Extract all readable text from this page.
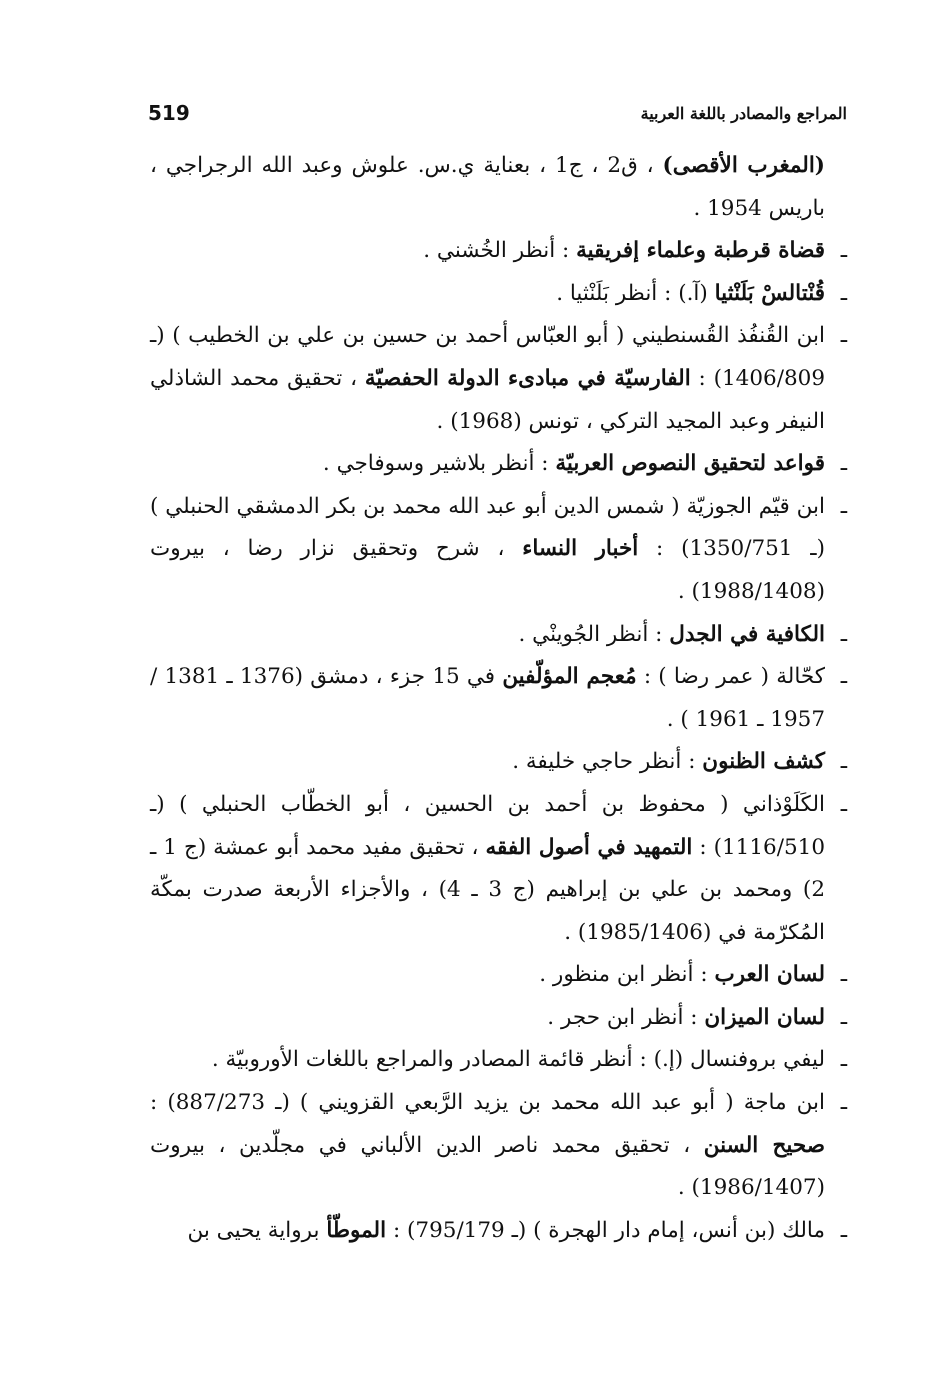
519	المراجع والمصادر باللغة العربية
(المغرب الأقصى) ، ق2 ، ج1 ، بعناية ي.س. علوش وعبد الله الرجراجي ، باريس 1954 .
ـ
قضاة قرطبة وعلماء إفريقية : أنظر الخُشني .
ـ
قُنْتالسْ بَلَنْثيا (آ.) : أنظر بَلَنْثيا .
ـ
ابن القُنفُذ القُسنطيني ( أبو العبّاس أحمد بن حسين بن علي بن الخطيب ) (ـ 1406/809) : الفارسيّة في مبادىء الدولة الحفصيّة ، تحقيق محمد الشاذلي النيفر وعبد المجيد التركي ، تونس (1968) .
ـ
قواعد لتحقيق النصوص العربيّة : أنظر بلاشير وسوفاجي .
ـ
ابن قيّم الجوزيّة ( شمس الدين أبو عبد الله محمد بن بكر الدمشقي الحنبلي ) (ـ 1350/751) : أخبار النساء ، شرح وتحقيق نزار رضا ، بيروت (1988/1408) .
ـ
الكافية في الجدل : أنظر الجُوينْي .
ـ
كحّالة ( عمر رضا ) : مُعجم المؤلّفين في 15 جزء ، دمشق (1376 ـ 1381 / 1957 ـ 1961 ) .
ـ
كشف الظنون : أنظر حاجي خليفة .
ـ
الكَلَوْذاني ( محفوظ بن أحمد بن الحسين ، أبو الخطّاب الحنبلي ) (ـ 1116/510) : التمهيد في أصول الفقه ، تحقيق مفيد محمد أبو عمشة (ج 1 ـ 2) ومحمد بن علي بن إبراهيم (ج 3 ـ 4) ، والأجزاء الأربعة صدرت بمكّة المُكرّمة في (1985/1406) .
ـ
لسان العرب : أنظر ابن منظور .
ـ
لسان الميزان : أنظر ابن حجر .
ـ
ليفي بروفنسال (إ.) : أنظر قائمة المصادر والمراجع باللغات الأوروبيّة .
ـ
ابن ماجة ( أبو عبد الله محمد بن يزيد الرَّبعي القزويني ) (ـ 887/273) : صحيح السنن ، تحقيق محمد ناصر الدين الألباني في مجلّدين ، بيروت (1986/1407) .
ـ
مالك (بن أنس، إمام دار الهجرة ) (ـ 795/179) : الموطّأ برواية يحيى بن
